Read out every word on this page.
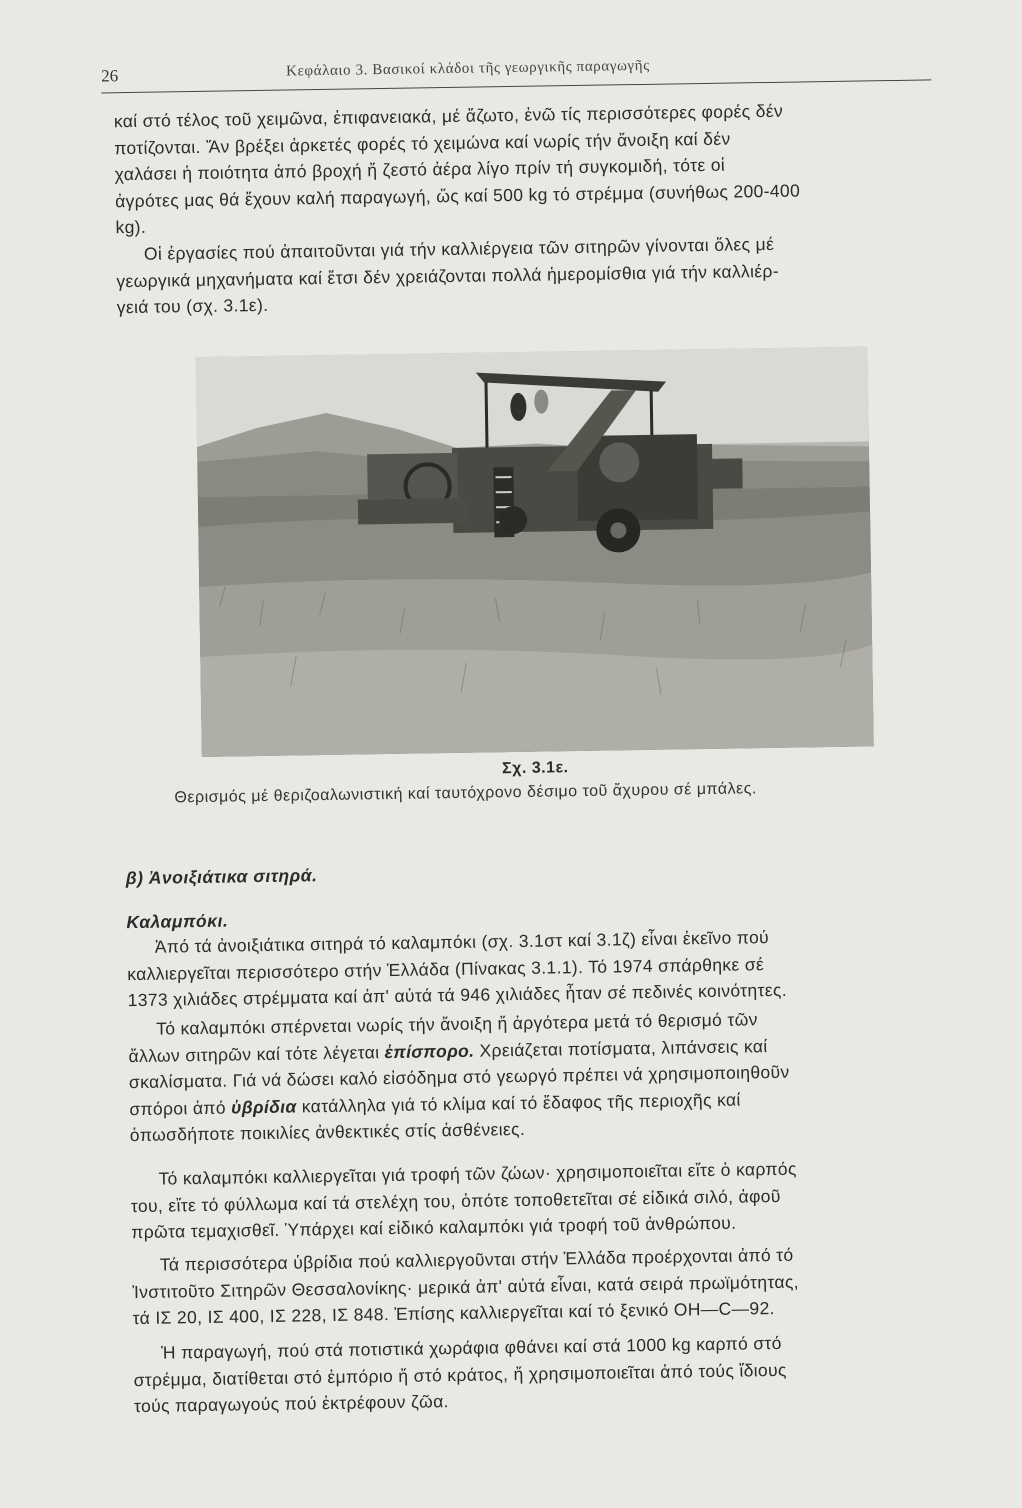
26	Κεφάλαιο 3. Βασικοί κλάδοι τῆς γεωργικῆς παραγωγῆς

καί στό τέλος τοῦ χειμῶνα, ἐπιφανειακά, μέ ἄζωτο, ἐνῶ τίς περισσότερες φορές δέν
ποτίζονται. Ἄν βρέξει ἀρκετές φορές τό χειμώνα καί νωρίς τήν ἄνοιξη καί δέν
χαλάσει ἡ ποιότητα ἀπό βροχή ἤ ζεστό ἀέρα λίγο πρίν τή συγκομιδή, τότε οἱ
ἀγρότες μας θά ἔχουν καλή παραγωγή, ὥς καί 500 kg τό στρέμμα (συνήθως 200-400
kg).

Οἱ ἐργασίες πού ἀπαιτοῦνται γιά τήν καλλιέργεια τῶν σιτηρῶν γίνονται ὅλες μέ
γεωργικά μηχανήματα καί ἔτσι δέν χρειάζονται πολλά ἡμερομίσθια γιά τήν καλλιέρ-
γειά του (σχ. 3.1ε).

Σχ. 3.1ε.
Θερισμός μέ θεριζοαλωνιστική καί ταυτόχρονο δέσιμο τοῦ ἄχυρου σέ μπάλες.
β) Ἀνοιξιάτικα σιτηρά.
Καλαμπόκι.

Ἀπό τά ἀνοιξιάτικα σιτηρά τό καλαμπόκι (σχ. 3.1στ καί 3.1ζ) εἶναι ἐκεῖνο πού
καλλιεργεῖται περισσότερο στήν Ἑλλάδα (Πίνακας 3.1.1). Τό 1974 σπάρθηκε σέ
1373 χιλιάδες στρέμματα καί ἀπ' αὐτά τά 946 χιλιάδες ἦταν σέ πεδινές κοινότητες.

Τό καλαμπόκι σπέρνεται νωρίς τήν ἄνοιξη ἤ ἀργότερα μετά τό θερισμό τῶν
ἄλλων σιτηρῶν καί τότε λέγεται ἐπίσπορο. Χρειάζεται ποτίσματα, λιπάνσεις καί
σκαλίσματα. Γιά νά δώσει καλό εἰσόδημα στό γεωργό πρέπει νά χρησιμοποιηθοῦν
σπόροι ἀπό ὑβρίδια κατάλληλα γιά τό κλίμα καί τό ἔδαφος τῆς περιοχῆς καί
ὁπωσδήποτε ποικιλίες ἀνθεκτικές στίς ἀσθένειες.

Τό καλαμπόκι καλλιεργεῖται γιά τροφή τῶν ζώων· χρησιμοποιεῖται εἴτε ὁ καρπός
του, εἴτε τό φύλλωμα καί τά στελέχη του, ὁπότε τοποθετεῖται σέ εἰδικά σιλό, ἀφοῦ
πρῶτα τεμαχισθεῖ. Ὑπάρχει καί εἰδικό καλαμπόκι γιά τροφή τοῦ ἀνθρώπου.

Τά περισσότερα ὑβρίδια πού καλλιεργοῦνται στήν Ἑλλάδα προέρχονται ἀπό τό
Ἰνστιτοῦτο Σιτηρῶν Θεσσαλονίκης· μερικά ἀπ' αὐτά εἶναι, κατά σειρά πρωϊμότητας,
τά ΙΣ 20, ΙΣ 400, ΙΣ 228, ΙΣ 848. Ἐπίσης καλλιεργεῖται καί τό ξενικό ΟΗ—C—92.

Ἡ παραγωγή, πού στά ποτιστικά χωράφια φθάνει καί στά 1000 kg καρπό στό
στρέμμα, διατίθεται στό ἐμπόριο ἤ στό κράτος, ἤ χρησιμοποιεῖται ἀπό τούς ἴδιους
τούς παραγωγούς πού ἐκτρέφουν ζῶα.
